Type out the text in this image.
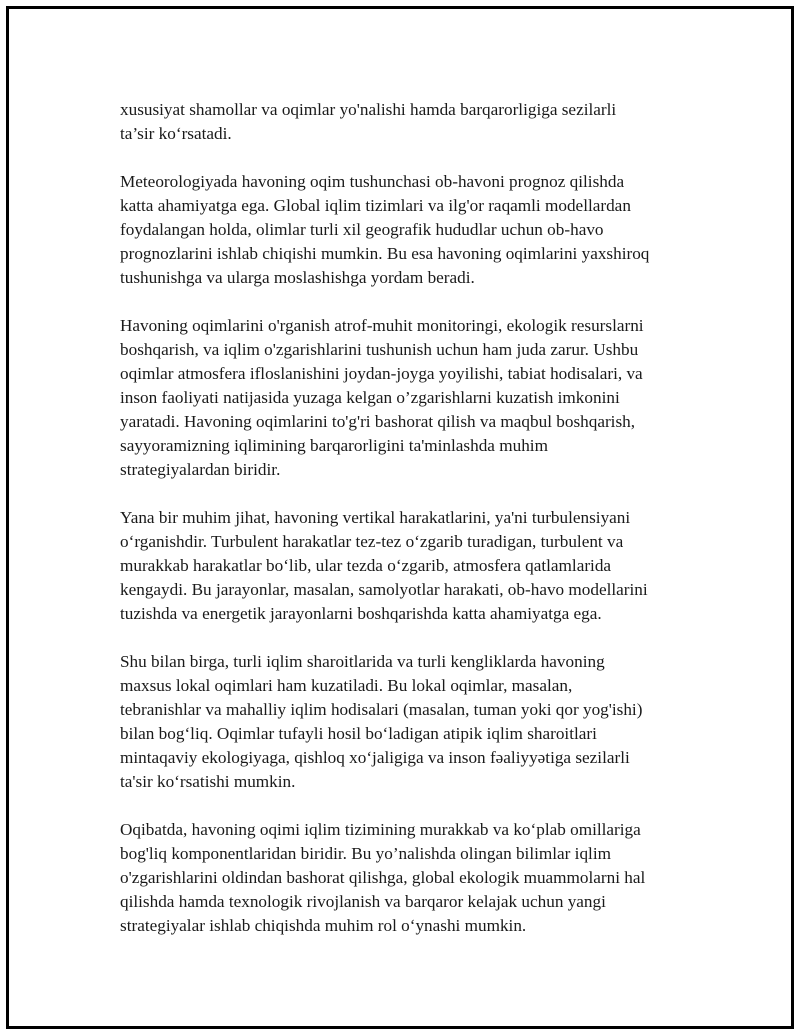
xususiyat shamollar va oqimlar yo'nalishi hamda barqarorligiga sezilarli
ta’sir ko‘rsatadi.

Meteorologiyada havoning oqim tushunchasi ob-havoni prognoz qilishda
katta ahamiyatga ega. Global iqlim tizimlari va ilg'or raqamli modellardan
foydalangan holda, olimlar turli xil geografik hududlar uchun ob-havo
prognozlarini ishlab chiqishi mumkin. Bu esa havoning oqimlarini yaxshiroq
tushunishga va ularga moslashishga yordam beradi.

Havoning oqimlarini o'rganish atrof-muhit monitoringi, ekologik resurslarni
boshqarish, va iqlim o'zgarishlarini tushunish uchun ham juda zarur. Ushbu
oqimlar atmosfera ifloslanishini joydan-joyga yoyilishi, tabiat hodisalari, va
inson faoliyati natijasida yuzaga kelgan o’zgarishlarni kuzatish imkonini
yaratadi. Havoning oqimlarini to'g'ri bashorat qilish va maqbul boshqarish,
sayyoramizning iqlimining barqarorligini ta'minlashda muhim
strategiyalardan biridir.

Yana bir muhim jihat, havoning vertikal harakatlarini, ya'ni turbulensiyani
o‘rganishdir. Turbulent harakatlar tez-tez o‘zgarib turadigan, turbulent va
murakkab harakatlar bo‘lib, ular tezda o‘zgarib, atmosfera qatlamlarida
kengaydi. Bu jarayonlar, masalan, samolyotlar harakati, ob-havo modellarini
tuzishda va energetik jarayonlarni boshqarishda katta ahamiyatga ega.

Shu bilan birga, turli iqlim sharoitlarida va turli kengliklarda havoning
maxsus lokal oqimlari ham kuzatiladi. Bu lokal oqimlar, masalan,
tebranishlar va mahalliy iqlim hodisalari (masalan, tuman yoki qor yog'ishi)
bilan bog‘liq. Oqimlar tufayli hosil bo‘ladigan atipik iqlim sharoitlari
mintaqaviy ekologiyaga, qishloq xo‘jaligiga va inson fəaliyyətiga sezilarli
ta'sir ko‘rsatishi mumkin.

Oqibatda, havoning oqimi iqlim tizimining murakkab va ko‘plab omillariga
bog'liq komponentlaridan biridir. Bu yo’nalishda olingan bilimlar iqlim
o'zgarishlarini oldindan bashorat qilishga, global ekologik muammolarni hal
qilishda hamda texnologik rivojlanish va barqaror kelajak uchun yangi
strategiyalar ishlab chiqishda muhim rol o‘ynashi mumkin.
